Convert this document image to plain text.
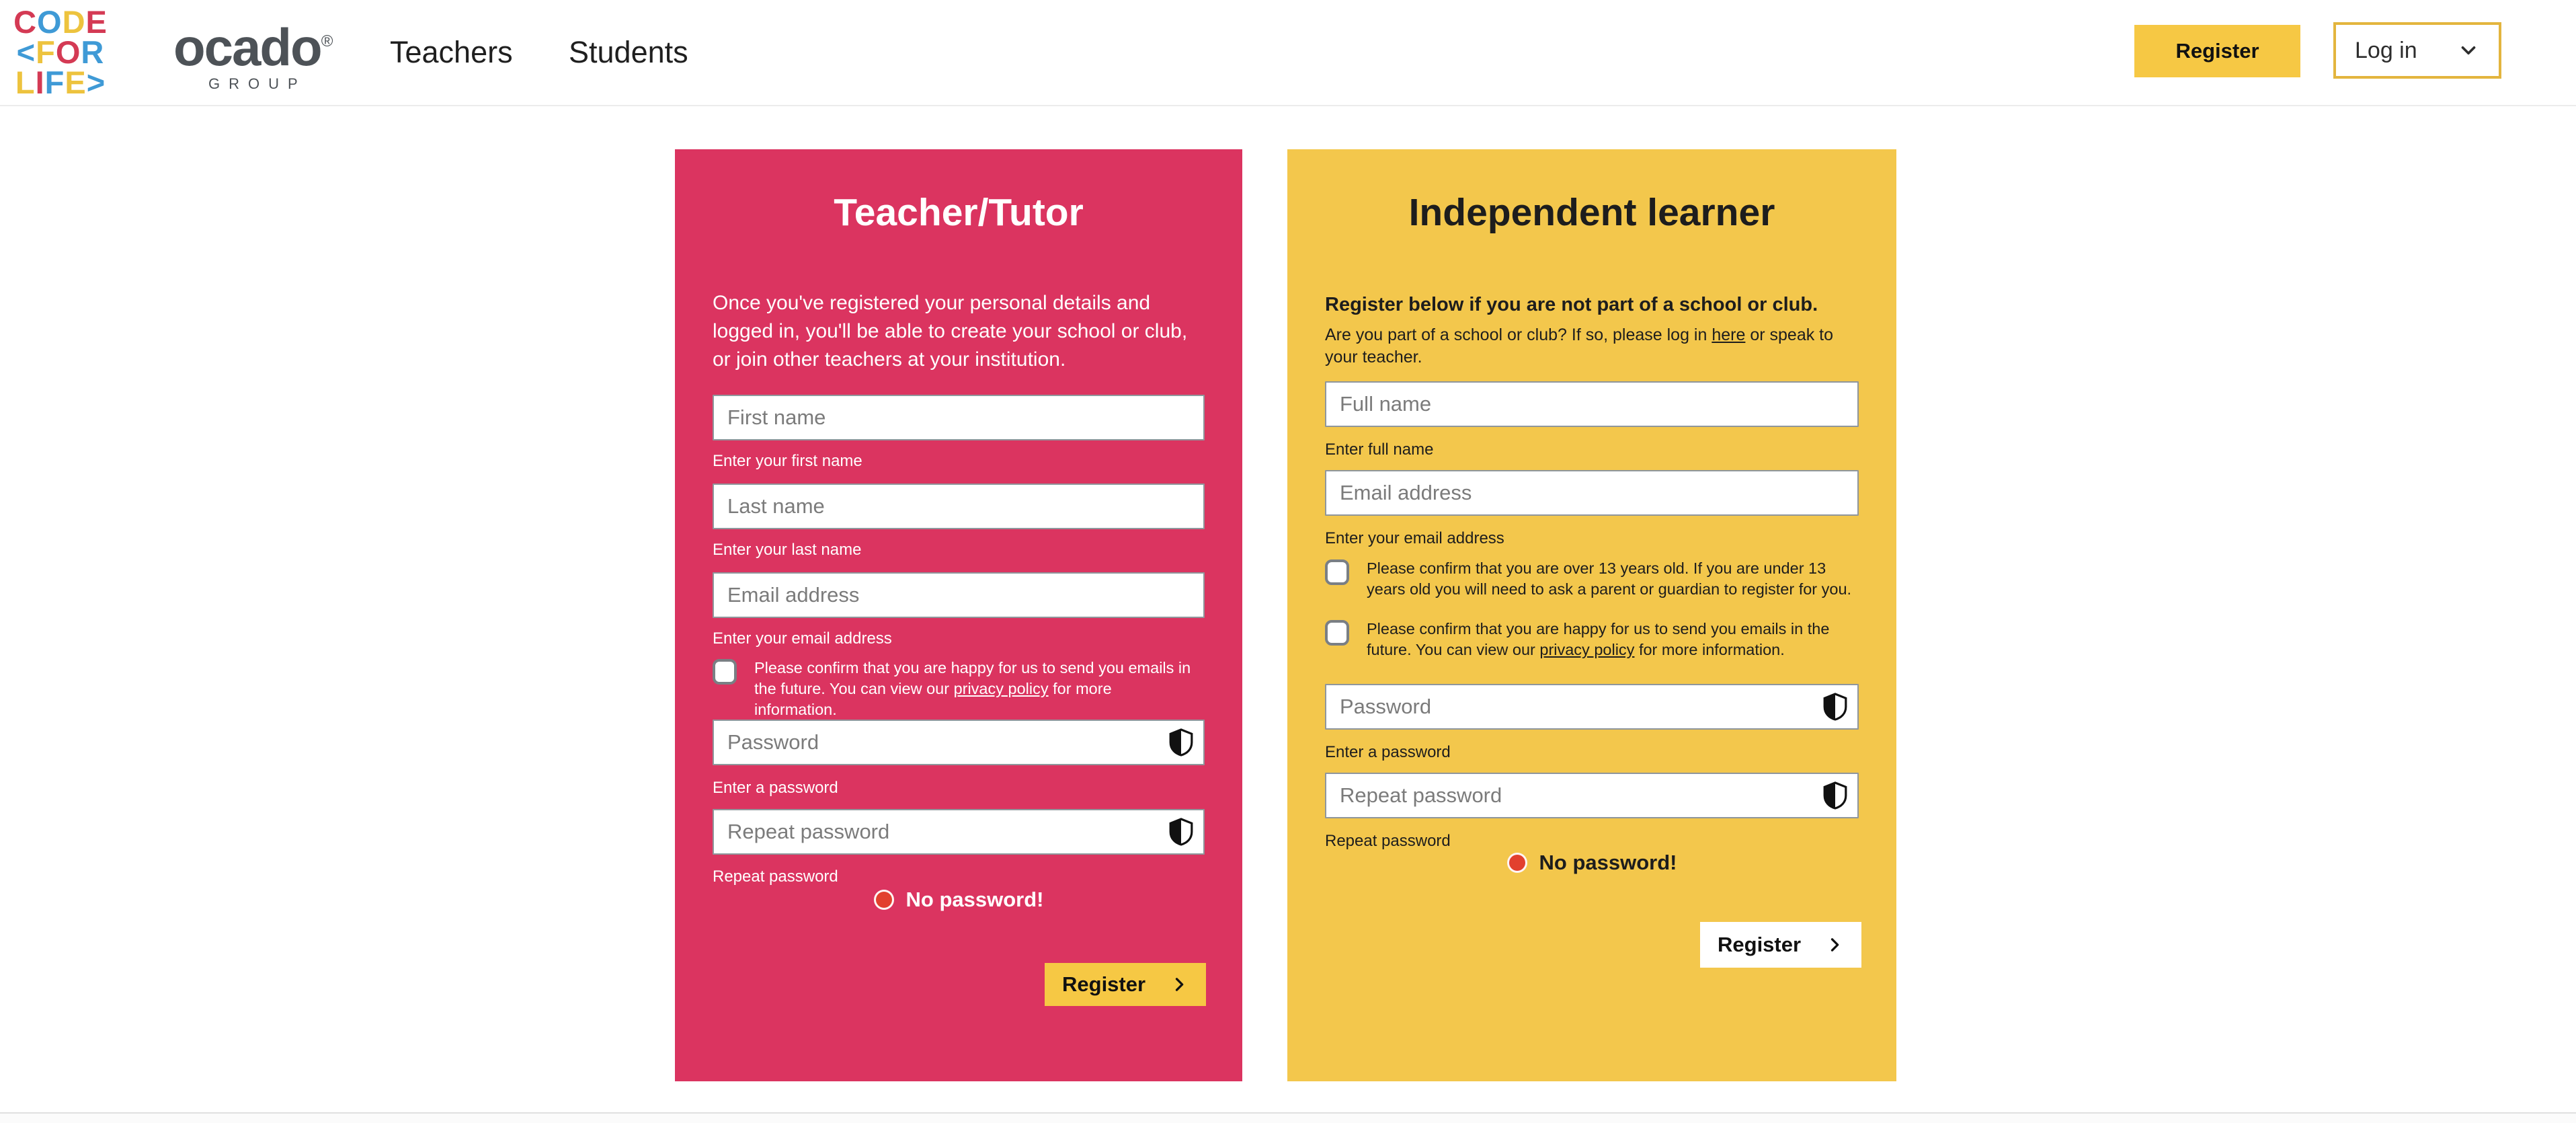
CODE
<FOR
LIFE>
ocado®
GROUP
Teachers Students	Register	Log in
Teacher/Tutor

Once you've registered your personal details and logged in, you'll be able to create your school or club, or join other teachers at your institution.

First name
Enter your first name
Last name
Enter your last name
Email address
Enter your email address
Please confirm that you are happy for us to send you emails in the future. You can view our privacy policy for more information.
Enter a password
Repeat password
No password!
Register
Independent learner

Register below if you are not part of a school or club.

Are you part of a school or club? If so, please log in here or speak to your teacher.

Full name
Enter full name
Email address
Enter your email address
Please confirm that you are over 13 years old. If you are under 13 years old you will need to ask a parent or guardian to register for you.
Please confirm that you are happy for us to send you emails in the future. You can view our privacy policy for more information.
Enter a password
Repeat password
No password!
Register
